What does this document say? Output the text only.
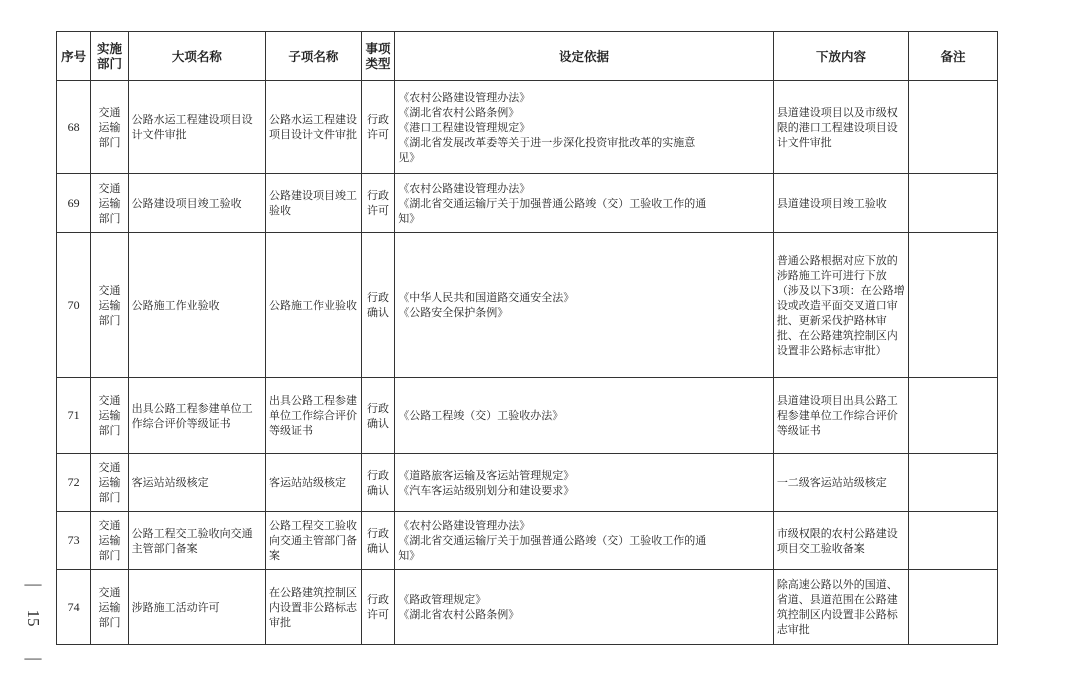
—
15
—
序号	实施部门	大项名称	子项名称	事项类型	设定依据	下放内容	备注
68	交通运输部门	公路水运工程建设项目设计文件审批	公路水运工程建设项目设计文件审批	行政许可	《农村公路建设管理办法》
《湖北省农村公路条例》
《港口工程建设管理规定》
《湖北省发展改革委等关于进一步深化投资审批改革的实施意
见》	县道建设项目以及市级权限的港口工程建设项目设计文件审批	
69	交通运输部门	公路建设项目竣工验收	公路建设项目竣工验收	行政许可	《农村公路建设管理办法》
《湖北省交通运输厅关于加强普通公路竣（交）工验收工作的通
知》	县道建设项目竣工验收	
70	交通运输部门	公路施工作业验收	公路施工作业验收	行政确认	《中华人民共和国道路交通安全法》
《公路安全保护条例》	普通公路根据对应下放的涉路施工许可进行下放（涉及以下3项：在公路增设或改造平面交叉道口审批、更新采伐护路林审批、在公路建筑控制区内设置非公路标志审批）	
71	交通运输部门	出具公路工程参建单位工作综合评价等级证书	出具公路工程参建单位工作综合评价等级证书	行政确认	《公路工程竣（交）工验收办法》	县道建设项目出具公路工程参建单位工作综合评价等级证书	
72	交通运输部门	客运站站级核定	客运站站级核定	行政确认	《道路旅客运输及客运站管理规定》
《汽车客运站级别划分和建设要求》	一二级客运站站级核定	
73	交通运输部门	公路工程交工验收向交通主管部门备案	公路工程交工验收向交通主管部门备案	行政确认	《农村公路建设管理办法》
《湖北省交通运输厅关于加强普通公路竣（交）工验收工作的通
知》	市级权限的农村公路建设项目交工验收备案	
74	交通运输部门	涉路施工活动许可	在公路建筑控制区内设置非公路标志审批	行政许可	《路政管理规定》
《湖北省农村公路条例》	除高速公路以外的国道、省道、县道范围在公路建筑控制区内设置非公路标志审批	
